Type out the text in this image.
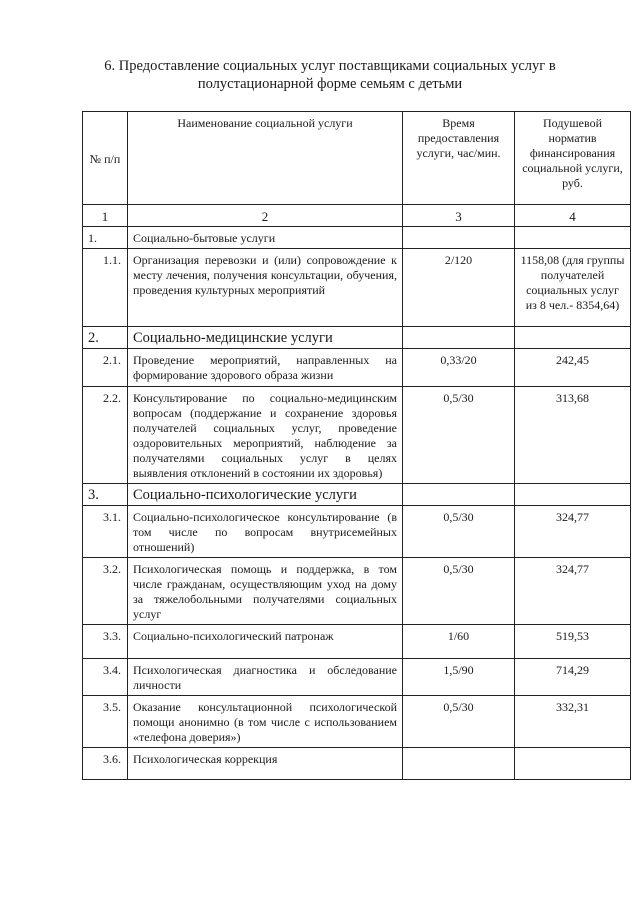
6. Предоставление социальных услуг поставщиками социальных услуг в
полустационарной форме семьям с детьми
№ п/п	Наименование социальной услуги	Время предоставления услуги, час/мин.	Подушевой норматив финансирования социальной услуги, руб.
1	2	3	4
1.	Социально-бытовые услуги		
1.1.	Организация перевозки и (или) сопровождение к месту лечения, получения консультации, обучения, проведения культурных мероприятий	2/120	1158,08 (для группы получателей социальных услуг из 8 чел.- 8354,64)
2.	Социально-медицинские услуги		
2.1.	Проведение мероприятий, направленных на формирование здорового образа жизни	0,33/20	242,45
2.2.	Консультирование по социально-медицинским вопросам (поддержание и сохранение здоровья получателей социальных услуг, проведение оздоровительных мероприятий, наблюдение за получателями социальных услуг в целях выявления отклонений в состоянии их здоровья)	0,5/30	313,68
3.	Социально-психологические услуги		
3.1.	Социально-психологическое консультирование (в том числе по вопросам внутрисемейных отношений)	0,5/30	324,77
3.2.	Психологическая помощь и поддержка, в том числе гражданам, осуществляющим уход на дому за тяжелобольными получателями социальных услуг	0,5/30	324,77
3.3.	Социально-психологический патронаж	1/60	519,53
3.4.	Психологическая диагностика и обследование личности	1,5/90	714,29
3.5.	Оказание консультационной психологической помощи анонимно (в том числе с использованием «телефона доверия»)	0,5/30	332,31
3.6.	Психологическая коррекция		
